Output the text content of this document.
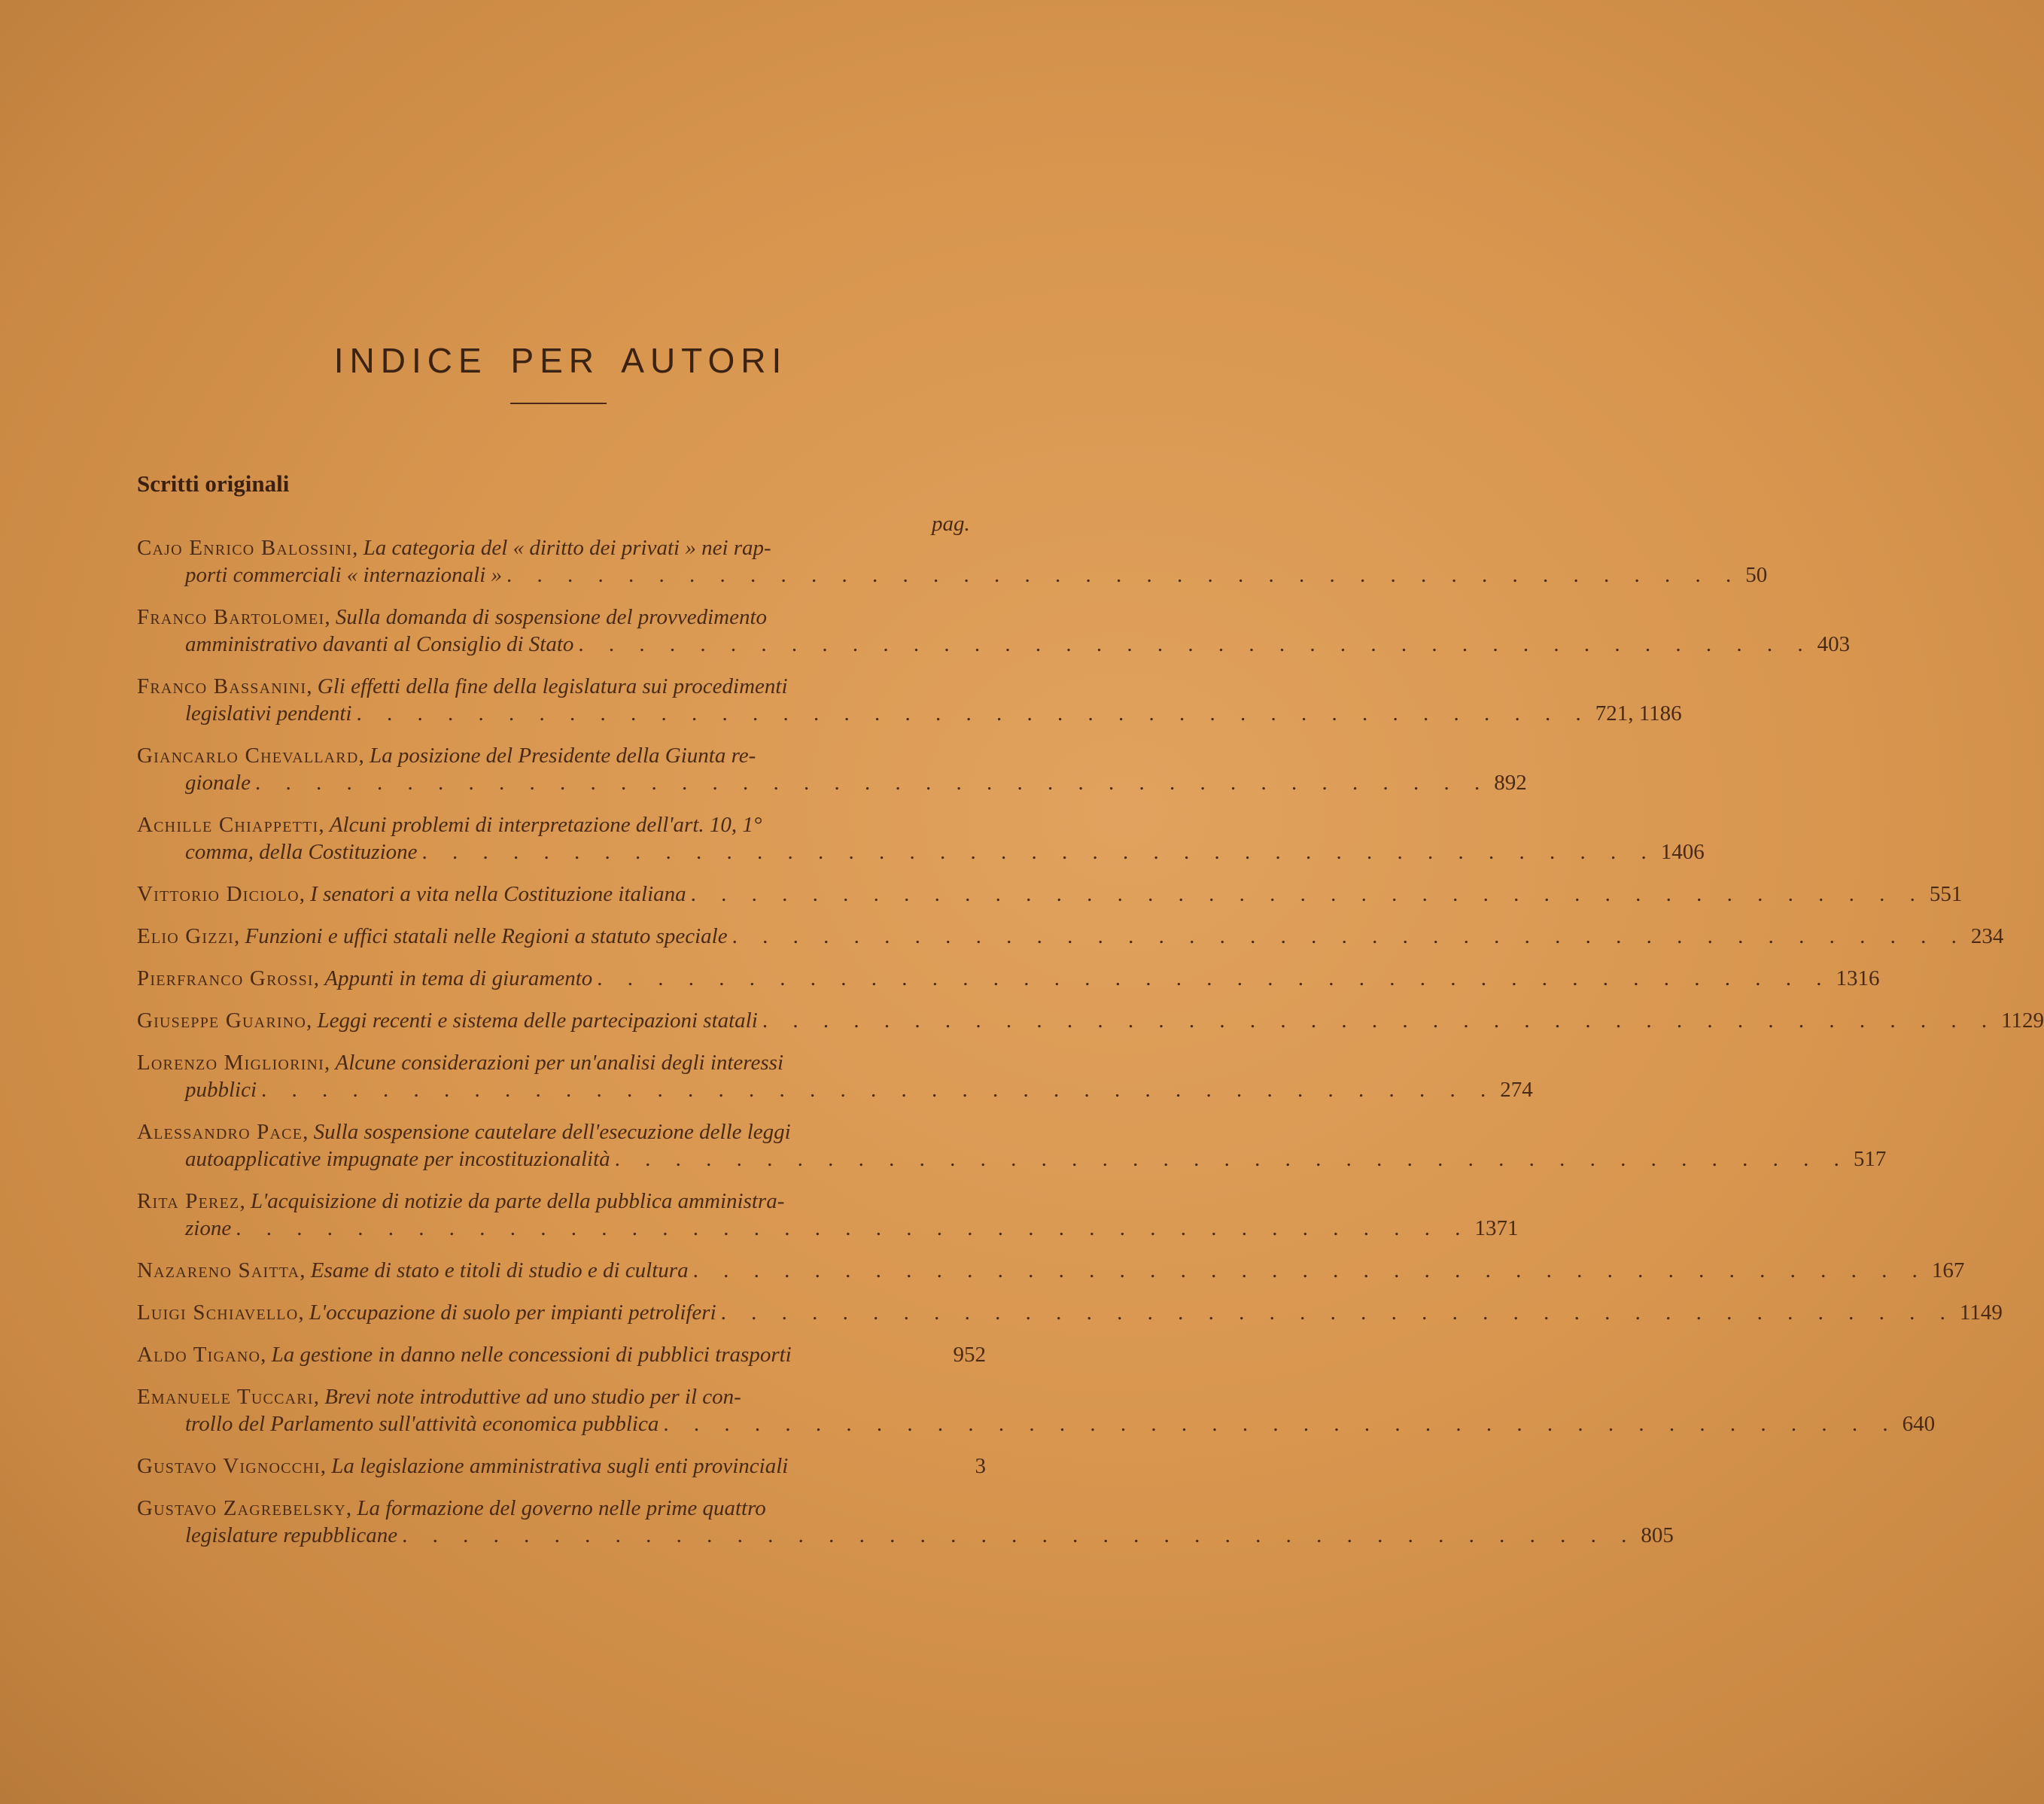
INDICE PER AUTORI
Scritti originali
pag.
Cajo Enrico Balossini, La categoria del « diritto dei privati » nei rap-
porti commerciali « internazionali » . . .	50
Franco Bartolomei, Sulla domanda di sospensione del provvedimento
amministrativo davanti al Consiglio di Stato . . .	403
Franco Bassanini, Gli effetti della fine della legislatura sui procedimenti
legislativi pendenti . . .	721, 1186
Giancarlo Chevallard, La posizione del Presidente della Giunta re-
gionale . . .	892
Achille Chiappetti, Alcuni problemi di interpretazione dell'art. 10, 1°
comma, della Costituzione . . .	1406
Vittorio Diciolo, I senatori a vita nella Costituzione italiana . . .	551
Elio Gizzi, Funzioni e uffici statali nelle Regioni a statuto speciale . . .	234
Pierfranco Grossi, Appunti in tema di giuramento . . .	1316
Giuseppe Guarino, Leggi recenti e sistema delle partecipazioni statali . . .	1129
Lorenzo Migliorini, Alcune considerazioni per un'analisi degli interessi
pubblici . . .	274
Alessandro Pace, Sulla sospensione cautelare dell'esecuzione delle leggi
autoapplicative impugnate per incostituzionalità . . .	517
Rita Perez, L'acquisizione di notizie da parte della pubblica amministra-
zione . . .	1371
Nazareno Saitta, Esame di stato e titoli di studio e di cultura . . .	167
Luigi Schiavello, L'occupazione di suolo per impianti petroliferi . . .	1149
Aldo Tigano, La gestione in danno nelle concessioni di pubblici trasporti	952
Emanuele Tuccari, Brevi note introduttive ad uno studio per il con-
trollo del Parlamento sull'attività economica pubblica . . .	640
Gustavo Vignocchi, La legislazione amministrativa sugli enti provinciali	3
Gustavo Zagrebelsky, La formazione del governo nelle prime quattro
legislature repubblicane . . .	805
